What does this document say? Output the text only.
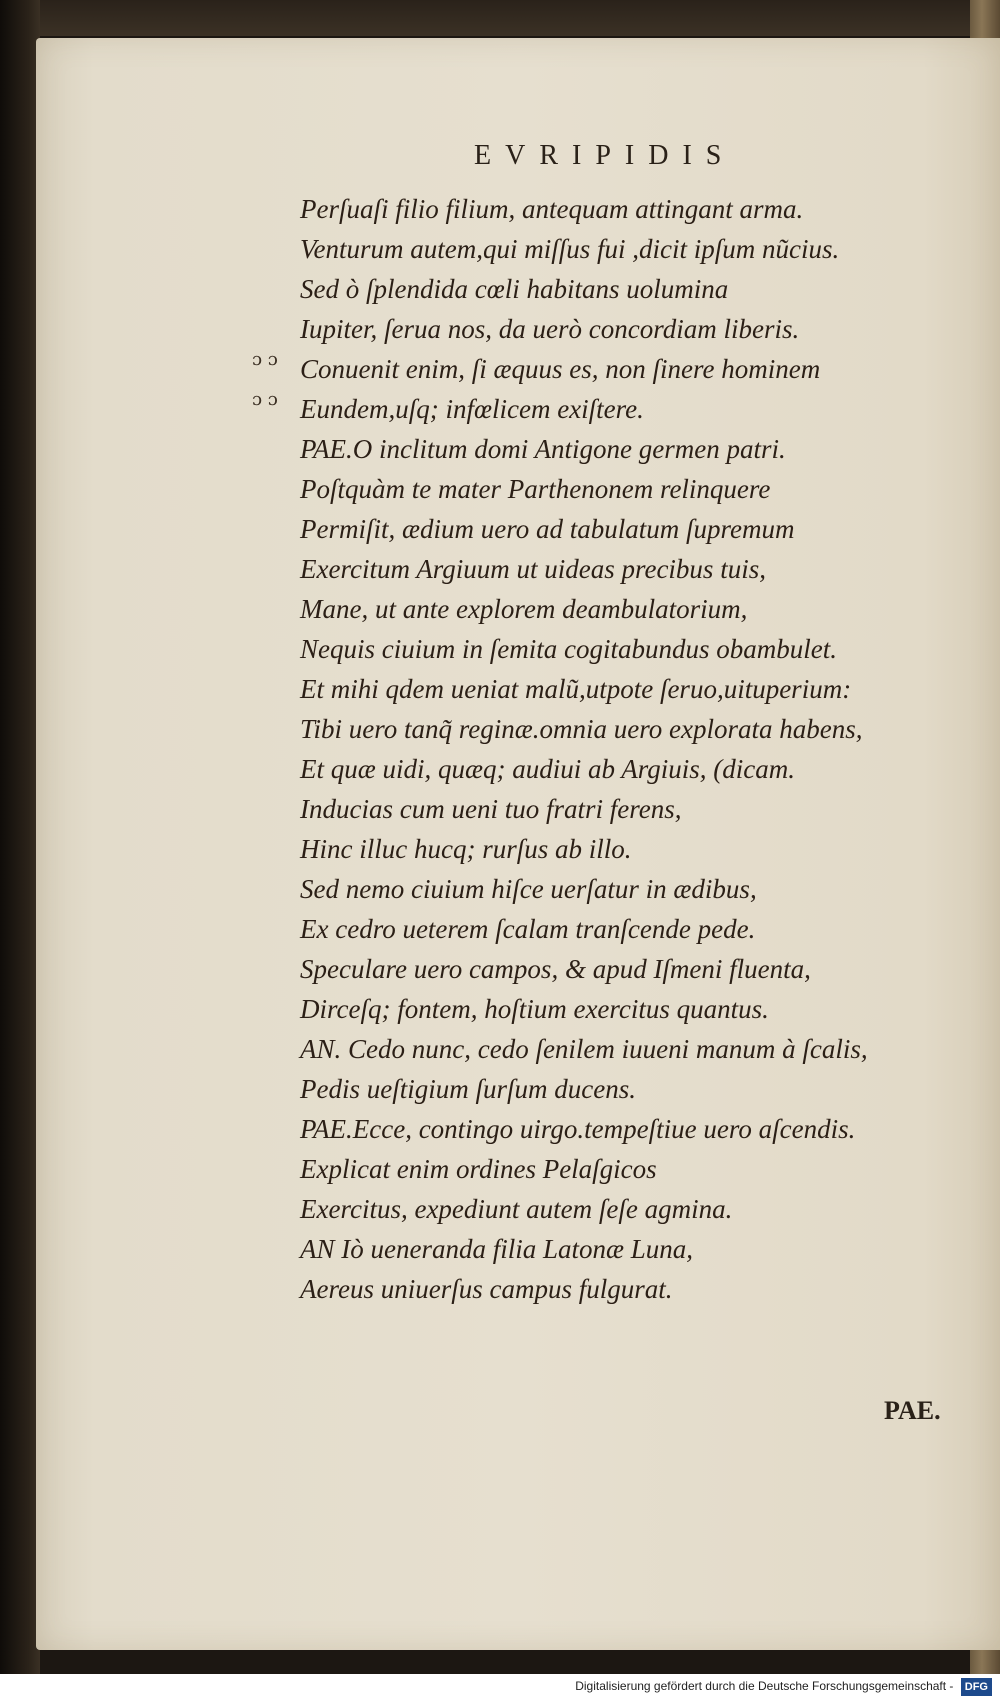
EVRIPIDIS
Perſuaſi filio filium, antequam attingant arma.
Venturum autem,qui miſſus fui ,dicit ipſum nũcius.
Sed ò ſplendida cœli habitans uolumina
Iupiter, ſerua nos, da uerò concordiam liberis.
Conuenit enim, ſi æquus es, non ſinere hominem
ɔ ɔ
Eundem,uſq; infœlicem exiſtere.
ɔ ɔ
PAE.O inclitum domi Antigone germen patri.
Poſtquàm te mater Parthenonem relinquere
Permiſit, ædium uero ad tabulatum ſupremum
Exercitum Argiuum ut uideas precibus tuis,
Mane, ut ante explorem deambulatorium,
Nequis ciuium in ſemita cogitabundus obambulet.
Et mihi qdem ueniat malũ,utpote ſeruo,uituperium:
Tibi uero tanq̃ reginæ.omnia uero explorata habens,
Et quæ uidi, quæq; audiui ab Argiuis, (dicam.
Inducias cum ueni tuo fratri ferens,
Hinc illuc hucq; rurſus ab illo.
Sed nemo ciuium hiſce uerſatur in ædibus,
Ex cedro ueterem ſcalam tranſcende pede.
Speculare uero campos, & apud Iſmeni fluenta,
Dirceſq; fontem, hoſtium exercitus quantus.
AN. Cedo nunc, cedo ſenilem iuueni manum à ſcalis,
Pedis ueſtigium ſurſum ducens.
PAE.Ecce, contingo uirgo.tempeſtiue uero aſcendis.
Explicat enim ordines Pelaſgicos
Exercitus, expediunt autem ſeſe agmina.
AN Iò ueneranda filia Latonæ Luna,
Aereus uniuerſus campus fulgurat.
PAE.
Digitalisierung gefördert durch die Deutsche Forschungsgemeinschaft - DFG
